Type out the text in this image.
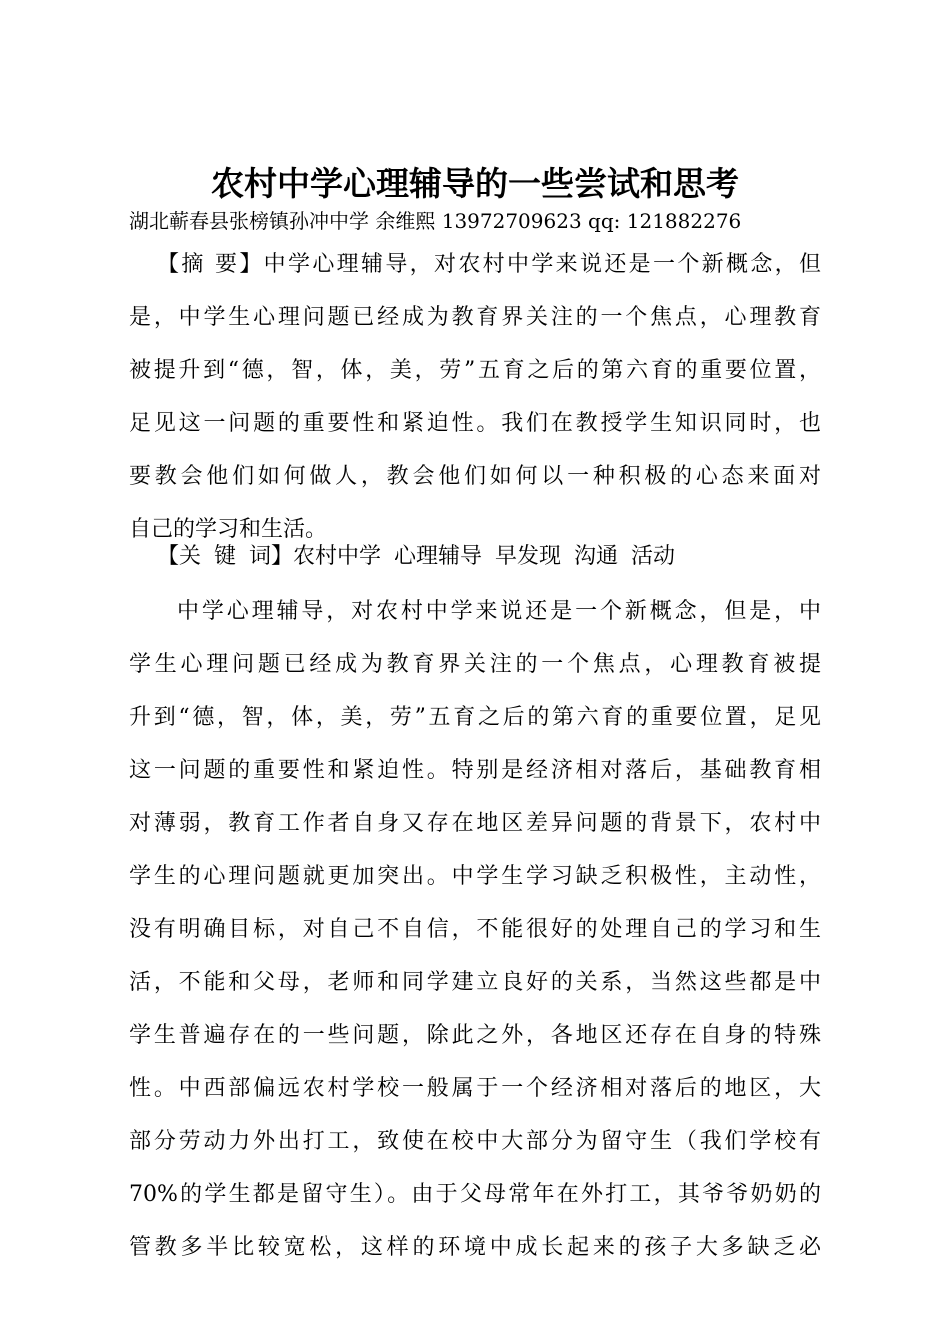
农村中学心理辅导的一些尝试和思考
湖北蕲春县张榜镇孙冲中学 余维熙 13972709623 qq: 121882276
【摘 要】中学心理辅导，对农村中学来说还是一个新概念，但
是，中学生心理问题已经成为教育界关注的一个焦点，心理教育
被提升到“德，智，体，美，劳”五育之后的第六育的重要位置，
足见这一问题的重要性和紧迫性。我们在教授学生知识同时，也
要教会他们如何做人，教会他们如何以一种积极的心态来面对
自己的学习和生活。
【关 键 词】农村中学 心理辅导 早发现 沟通 活动
中学心理辅导，对农村中学来说还是一个新概念，但是，中
学生心理问题已经成为教育界关注的一个焦点，心理教育被提
升到“德，智，体，美，劳”五育之后的第六育的重要位置，足见
这一问题的重要性和紧迫性。特别是经济相对落后，基础教育相
对薄弱，教育工作者自身又存在地区差异问题的背景下，农村中
学生的心理问题就更加突出。中学生学习缺乏积极性，主动性，
没有明确目标，对自己不自信，不能很好的处理自己的学习和生
活，不能和父母，老师和同学建立良好的关系，当然这些都是中
学生普遍存在的一些问题，除此之外，各地区还存在自身的特殊
性。中西部偏远农村学校一般属于一个经济相对落后的地区，大
部分劳动力外出打工，致使在校中大部分为留守生（我们学校有
70%的学生都是留守生）。由于父母常年在外打工，其爷爷奶奶的
管教多半比较宽松，这样的环境中成长起来的孩子大多缺乏必
